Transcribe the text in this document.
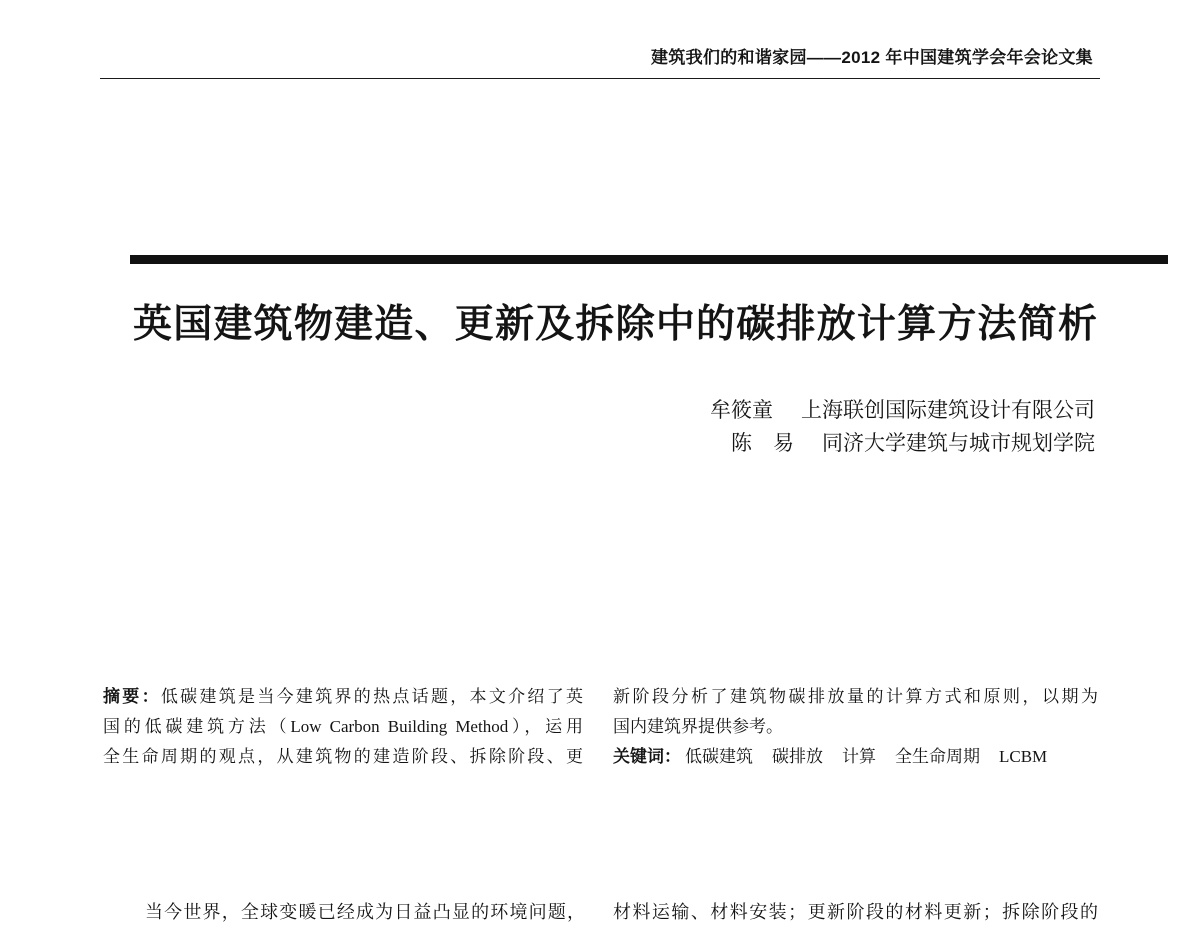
建筑我们的和谐家园——2012 年中国建筑学会年会论文集
英国建筑物建造、更新及拆除中的碳排放计算方法简析
牟筱童 上海联创国际建筑设计有限公司
陈　易 同济大学建筑与城市规划学院
摘要：低碳建筑是当今建筑界的热点话题，本文介绍了英
国的低碳建筑方法（Low Carbon Building Method），运用
全生命周期的观点，从建筑物的建造阶段、拆除阶段、更
新阶段分析了建筑物碳排放量的计算方式和原则，以期为
国内建筑界提供参考。
关键词： 低碳建筑 碳排放 计算 全生命周期 LCBM
当今世界，全球变暖已经成为日益凸显的环境问题， 材料运输、材料安装；更新阶段的材料更新；拆除阶段的
